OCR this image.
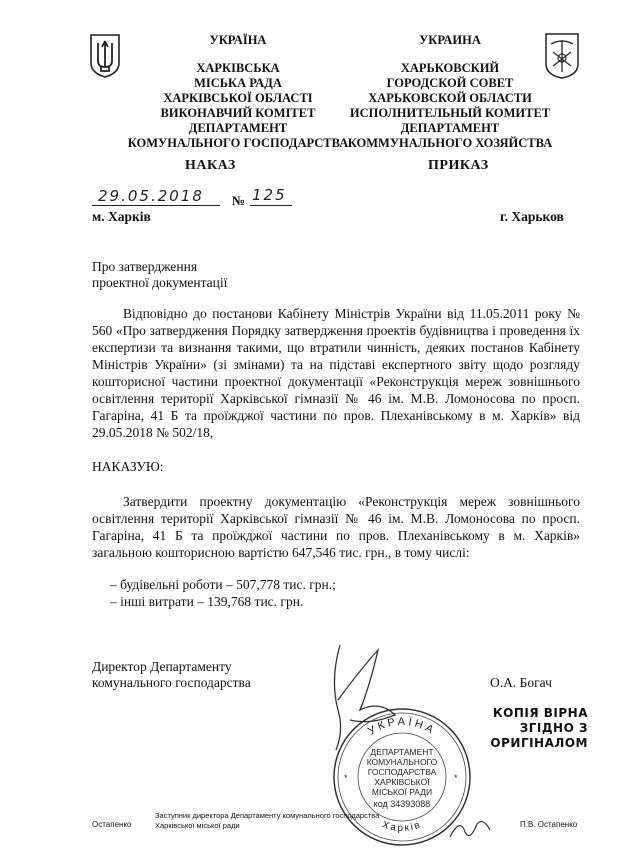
УКРАЇНА
ХАРКІВСЬКА
МІСЬКА РАДА
ХАРКІВСЬКОЇ ОБЛАСТІ
ВИКОНАВЧИЙ КОМІТЕТ
ДЕПАРТАМЕНТ
КОМУНАЛЬНОГО ГОСПОДАРСТВА
УКРАИНА
ХАРЬКОВСКИЙ
ГОРОДСКОЙ СОВЕТ
ХАРЬКОВСКОЙ ОБЛАСТИ
ИСПОЛНИТЕЛЬНЫЙ КОМИТЕТ
ДЕПАРТАМЕНТ
КОММУНАЛЬНОГО ХОЗЯЙСТВА
НАКАЗ	ПРИКАЗ
29.05.2018 № 125
м. Харків	г. Харьков
Про затвердження
проектної документації
Відповідно до постанови Кабінету Міністрів України від 11.05.2011 року № 560 «Про затвердження Порядку затвердження проектів будівництва і проведення їх експертизи та визнання такими, що втратили чинність, деяких постанов Кабінету Міністрів України» (зі змінами) та на підставі експертного звіту щодо розгляду кошторисної частини проектної документації «Реконструкція мереж зовнішнього освітлення території Харківської гімназії № 46 ім. М.В. Ломоносова по просп. Гагаріна, 41 Б та проїжджої частини по пров. Плеханівському в м. Харків» від 29.05.2018 № 502/18,
НАКАЗУЮ:
Затвердити проектну документацію «Реконструкція мереж зовнішнього освітлення території Харківської гімназії № 46 ім. М.В. Ломоносова по просп. Гагаріна, 41 Б та проїжджої частини по пров. Плеханівському в м. Харків» загальною кошторисною вартістю 647,546 тис. грн., в тому числі:
– будівельні роботи – 507,778 тис. грн.;
– інші витрати – 139,768 тис. грн.
Директор Департаменту
комунального господарства	О.А. Богач
КОПІЯ ВІРНА
ЗГІДНО З
ОРИГІНАЛОМ
УКРАЇНА
Харків
ДЕПАРТАМЕНТ
КОМУНАЛЬНОГО
ГОСПОДАРСТВА
ХАРКІВСЬКОЇ
МІСЬКОЇ РАДИ
код 34393088
*	*
Остапенко
Заступник директора Департаменту комунального господарства
Харківської міської ради	П.В. Остапенко
